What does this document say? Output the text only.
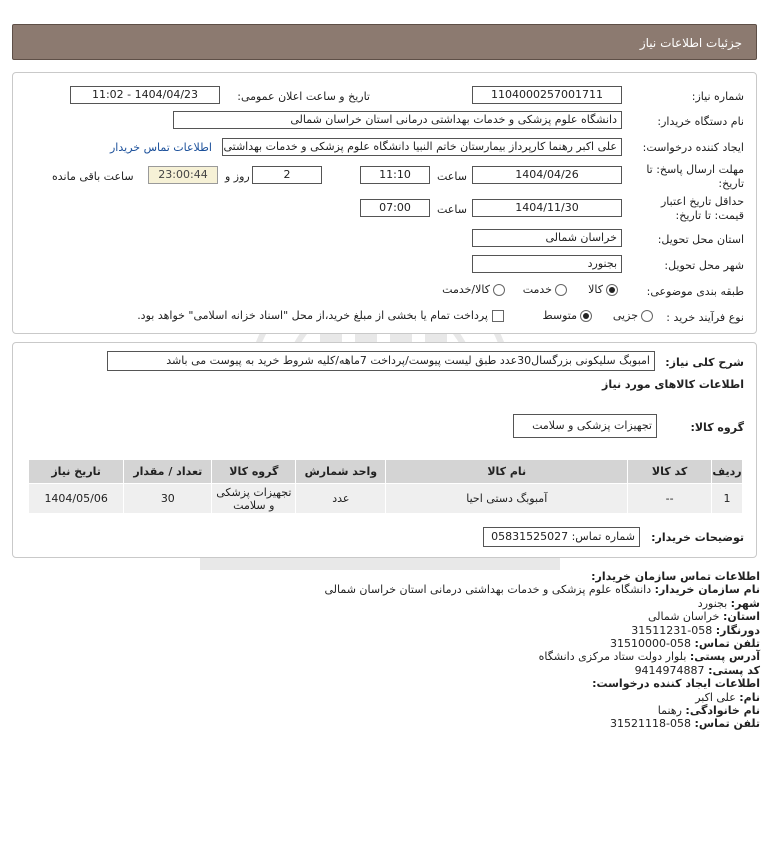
جزئیات اطلاعات نیاز
شماره نیاز:
1104000257001711
تاریخ و ساعت اعلان عمومی:
1404/04/23 - 11:02
نام دستگاه خریدار:
دانشگاه علوم پزشکی و خدمات بهداشتی درمانی استان خراسان شمالی
ایجاد کننده درخواست:
علی اکبر رهنما کارپرداز بیمارستان خاتم النبیا دانشگاه علوم پزشکی و خدمات بهداشتی
اطلاعات تماس خریدار
مهلت ارسال پاسخ: تا
تاریخ:
1404/04/26
ساعت
11:10
2
روز و
23:00:44
ساعت باقی مانده
حداقل تاریخ اعتبار
قیمت: تا تاریخ:
1404/11/30
ساعت
07:00
استان محل تحویل:
خراسان شمالی
شهر محل تحویل:
بجنورد
طبقه بندی موضوعی:
کالا
خدمت
کالا/خدمت
نوع فرآیند خرید :
جزیی
متوسط
پرداخت تمام یا بخشی از مبلغ خرید،از محل "اسناد خزانه اسلامی" خواهد بود.
شرح کلی نیاز:
امبوبگ سلیکونی بزرگسال30عدد طبق لیست پیوست/پرداخت 7ماهه/کلیه شروط خرید به پیوست می باشد
اطلاعات کالاهای مورد نیاز
گروه کالا:
تجهیزات پزشکی و سلامت
ردیف	کد کالا	نام کالا	واحد شمارش	گروه کالا	تعداد / مقدار	تاریخ نیاز
1	--	آمبوبگ دستی احیا	عدد	تجهیزات پزشکی و سلامت	30	1404/05/06
توضیحات خریدار:
شماره تماس: 05831525027
اطلاعات تماس سازمان خریدار:
نام سازمان خریدار: دانشگاه علوم پزشکی و خدمات بهداشتی درمانی استان خراسان شمالی
شهر: بجنورد
استان: خراسان شمالی
دورنگار: 058-31511231
تلفن تماس: 058-31510000
آدرس پستی: بلوار دولت ستاد مرکزی دانشگاه
کد پستی: 9414974887
اطلاعات ایجاد کننده درخواست:
نام: علی اکبر
نام خانوادگی: رهنما
تلفن تماس: 058-31521118
